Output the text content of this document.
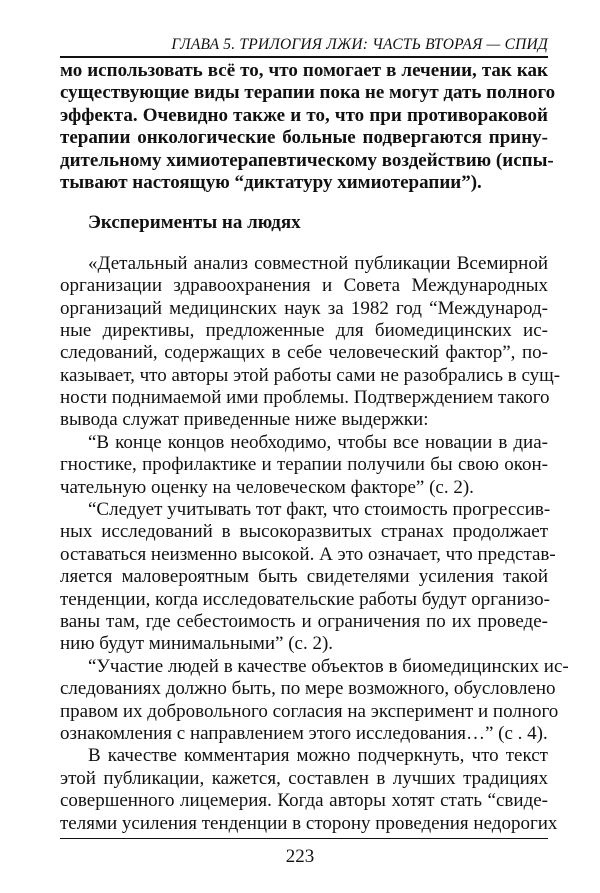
ГЛАВА 5. ТРИЛОГИЯ ЛЖИ: ЧАСТЬ ВТОРАЯ — СПИД
мо использовать всё то, что помогает в лечении, так как
существующие виды терапии пока не могут дать полного
эффекта. Очевидно также и то, что при противораковой
терапии онкологические больные подвергаются прину-
дительному химиотерапевтическому воздействию (испы-
тывают настоящую “диктатуру химиотерапии”).
Эксперименты на людях
«Детальный анализ совместной публикации Всемирной
организации здравоохранения и Совета Международных
организаций медицинских наук за 1982 год “Международ-
ные директивы, предложенные для биомедицинских ис-
следований, содержащих в себе человеческий фактор”, по-
казывает, что авторы этой работы сами не разобрались в сущ-
ности поднимаемой ими проблемы. Подтверждением такого
вывода служат приведенные ниже выдержки:
“В конце концов необходимо, чтобы все новации в диа-
гностике, профилактике и терапии получили бы свою окон-
чательную оценку на человеческом факторе” (с. 2).
“Следует учитывать тот факт, что стоимость прогрессив-
ных исследований в высокоразвитых странах продолжает
оставаться неизменно высокой. А это означает, что представ-
ляется маловероятным быть свидетелями усиления такой
тенденции, когда исследовательские работы будут организо-
ваны там, где себестоимость и ограничения по их проведе-
нию будут минимальными” (с. 2).
“Участие людей в качестве объектов в биомедицинских ис-
следованиях должно быть, по мере возможного, обусловлено
правом их добровольного согласия на эксперимент и полного
ознакомления с направлением этого исследования…” (с . 4).
В качестве комментария можно подчеркнуть, что текст
этой публикации, кажется, составлен в лучших традициях
совершенного лицемерия. Когда авторы хотят стать “свиде-
телями усиления тенденции в сторону проведения недорогих
223
